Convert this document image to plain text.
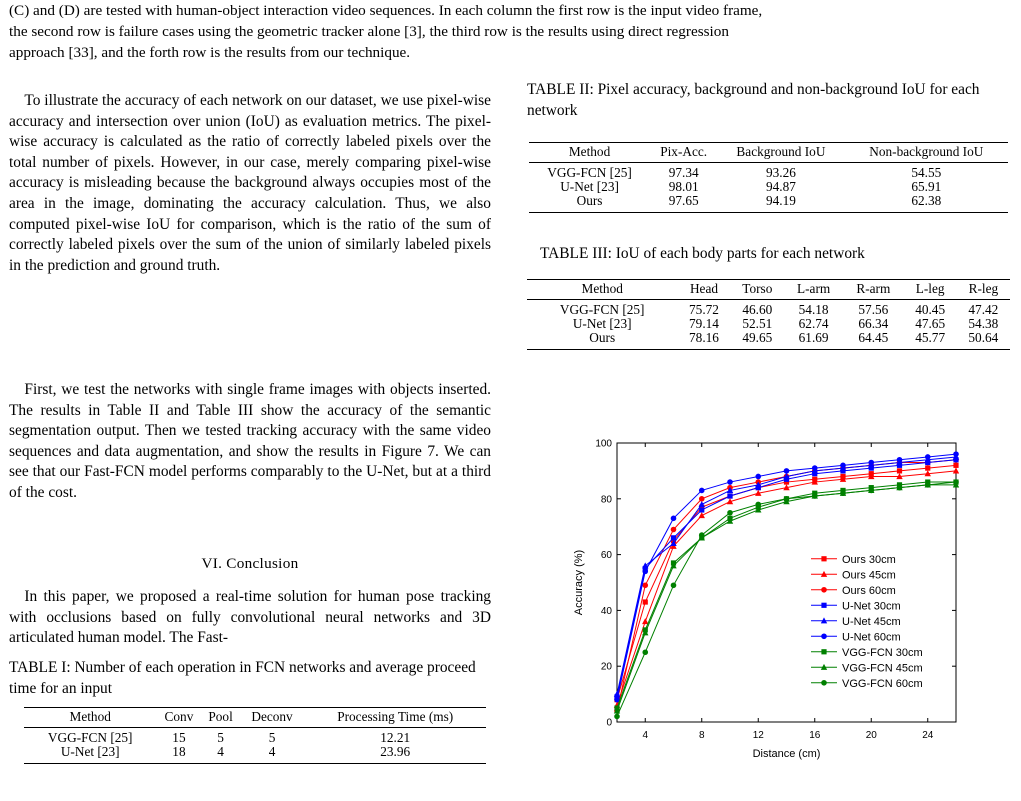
(C) and (D) are tested with human-object interaction video sequences. In each column the first row is the input video frame,
the second row is failure cases using the geometric tracker alone [3], the third row is the results using direct regression
approach [33], and the forth row is the results from our technique.

To illustrate the accuracy of each network on our dataset, we use pixel-wise accuracy and intersection over union (IoU) as evaluation metrics. The pixel-wise accuracy is calculated as the ratio of correctly labeled pixels over the total number of pixels. However, in our case, merely comparing pixel-wise accuracy is misleading because the background always occupies most of the area in the image, dominating the accuracy calculation. Thus, we also computed pixel-wise IoU for comparison, which is the ratio of the sum of correctly labeled pixels over the sum of the union of similarly labeled pixels in the prediction and ground truth.

First, we test the networks with single frame images with objects inserted. The results in Table II and Table III show the accuracy of the semantic segmentation output. Then we tested tracking accuracy with the same video sequences and data augmentation, and show the results in Figure 7. We can see that our Fast-FCN model performs comparably to the U-Net, but at a third of the cost.

VI. Conclusion

In this paper, we proposed a real-time solution for human pose tracking with occlusions based on fully convolutional neural networks and 3D articulated human model. The Fast-

TABLE I: Number of each operation in FCN networks and average proceed time for an input

Method	Conv	Pool	Deconv	Processing Time (ms)
VGG-FCN [25]	15	5	5	12.21
U-Net [23]	18	4	4	23.96

TABLE II: Pixel accuracy, background and non-background IoU for each network

Method	Pix-Acc.	Background IoU	Non-background IoU
VGG-FCN [25]	97.34	93.26	54.55
U-Net [23]	98.01	94.87	65.91
Ours	97.65	94.19	62.38

TABLE III: IoU of each body parts for each network

Method	Head	Torso	L-arm	R-arm	L-leg	R-leg
VGG-FCN [25]	75.72	46.60	54.18	57.56	40.45	47.42
U-Net [23]	79.14	52.51	62.74	66.34	47.65	54.38
Ours	78.16	49.65	61.69	64.45	45.77	50.64
4	8	12	16	20	24
0
20
40
60
80
100
Distance (cm)
Accuracy (%)	Ours 30cm
Ours 45cm
Ours 60cm
U-Net 30cm
U-Net 45cm
U-Net 60cm
VGG-FCN 30cm
VGG-FCN 45cm
VGG-FCN 60cm
